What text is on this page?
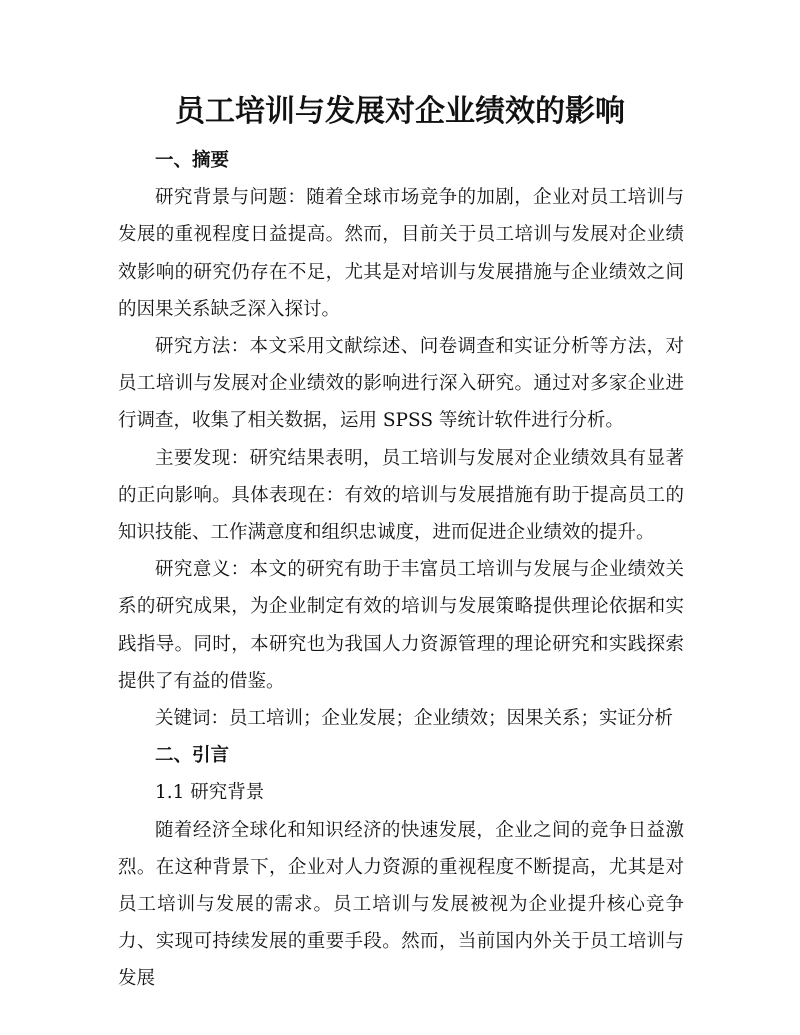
员工培训与发展对企业绩效的影响

一、摘要

研究背景与问题：随着全球市场竞争的加剧，企业对员工培训与发展的重视程度日益提高。然而，目前关于员工培训与发展对企业绩效影响的研究仍存在不足，尤其是对培训与发展措施与企业绩效之间的因果关系缺乏深入探讨。

研究方法：本文采用文献综述、问卷调查和实证分析等方法，对员工培训与发展对企业绩效的影响进行深入研究。通过对多家企业进行调查，收集了相关数据，运用 SPSS 等统计软件进行分析。

主要发现：研究结果表明，员工培训与发展对企业绩效具有显著的正向影响。具体表现在：有效的培训与发展措施有助于提高员工的知识技能、工作满意度和组织忠诚度，进而促进企业绩效的提升。

研究意义：本文的研究有助于丰富员工培训与发展与企业绩效关系的研究成果，为企业制定有效的培训与发展策略提供理论依据和实践指导。同时，本研究也为我国人力资源管理的理论研究和实践探索提供了有益的借鉴。

关键词：员工培训；企业发展；企业绩效；因果关系；实证分析

二、引言

1.1 研究背景

随着经济全球化和知识经济的快速发展，企业之间的竞争日益激烈。在这种背景下，企业对人力资源的重视程度不断提高，尤其是对员工培训与发展的需求。员工培训与发展被视为企业提升核心竞争力、实现可持续发展的重要手段。然而，当前国内外关于员工培训与发展
